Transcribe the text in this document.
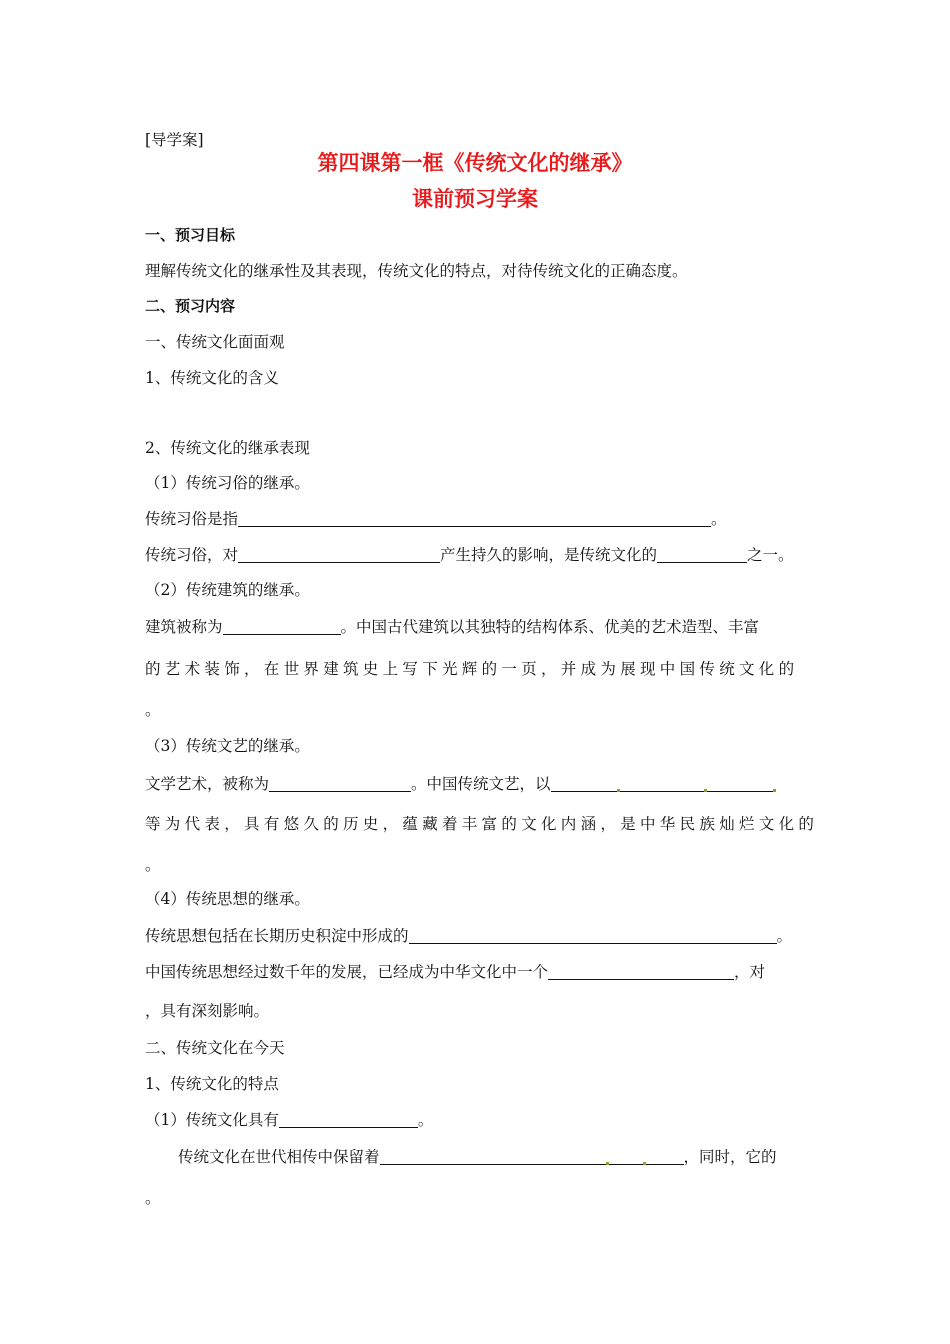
[导学案]
第四课第一框《传统文化的继承》
课前预习学案
一、预习目标
理解传统文化的继承性及其表现，传统文化的特点，对待传统文化的正确态度。
二、预习内容
一、传统文化面面观
1、传统文化的含义
2、传统文化的继承表现
（1）传统习俗的继承。
传统习俗是指	。
传统习俗，对	产生持久的影响，是传统文化的	之一。
（2）传统建筑的继承。
建筑被称为	。中国古代建筑以其独特的结构体系、优美的艺术造型、丰富
的艺术装饰，在世界建筑史上写下光辉的一页，并成为展现中国传统文化的
。
（3）传统文艺的继承。
文学艺术，被称为	。中国传统文艺，以
等为代表，具有悠久的历史，蕴藏着丰富的文化内涵，是中华民族灿烂文化的
。
（4）传统思想的继承。
传统思想包括在长期历史积淀中形成的	。
中国传统思想经过数千年的发展，已经成为中华文化中一个	，对
，具有深刻影响。
二、传统文化在今天
1、传统文化的特点
（1）传统文化具有	。
传统文化在世代相传中保留着	，同时，它的
。
